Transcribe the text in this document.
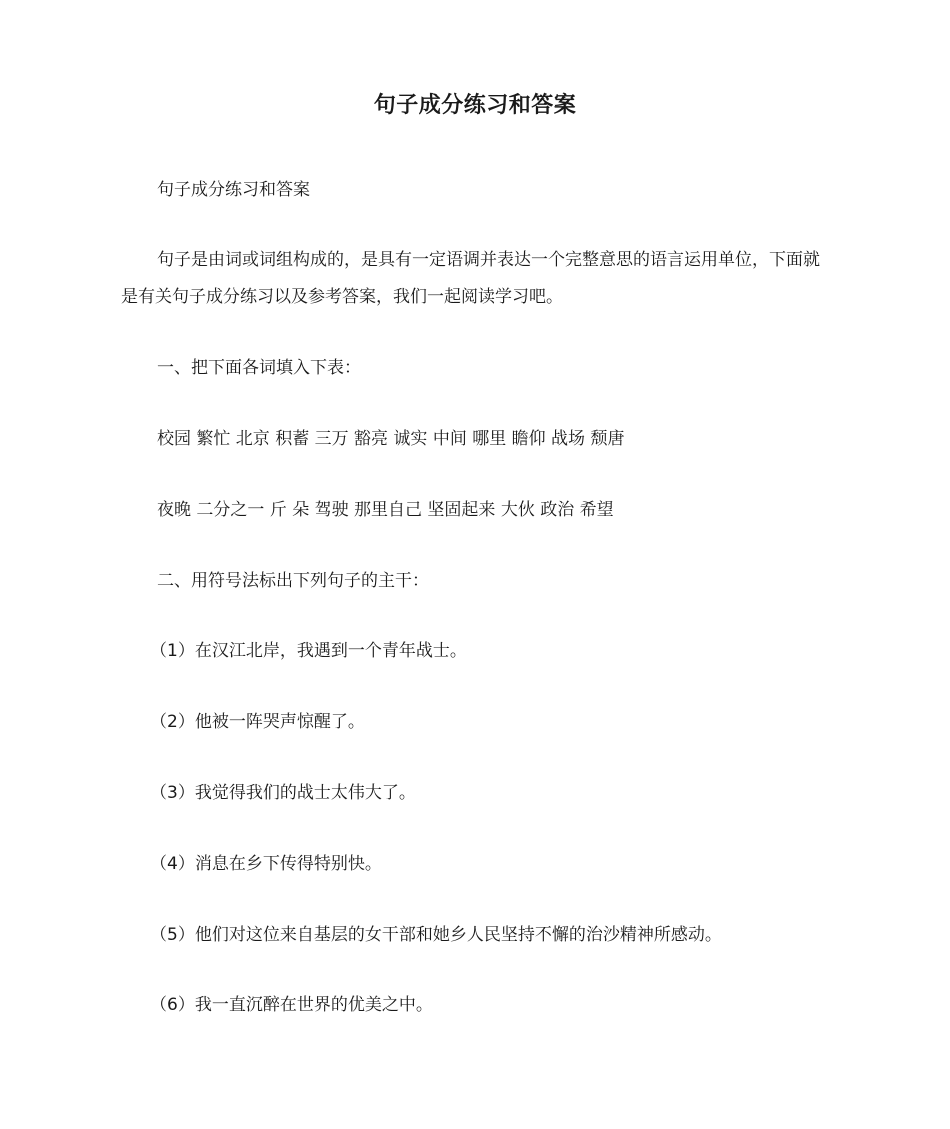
句子成分练习和答案
句子成分练习和答案
句子是由词或词组构成的，是具有一定语调并表达一个完整意思的语言运用单位，下面就是有关句子成分练习以及参考答案，我们一起阅读学习吧。
一、把下面各词填入下表：
校园 繁忙 北京 积蓄 三万 豁亮 诚实 中间 哪里 瞻仰 战场 颓唐
夜晚 二分之一 斤 朵 驾驶 那里自己 坚固起来 大伙 政治 希望
二、用符号法标出下列句子的主干：
（1）在汉江北岸，我遇到一个青年战士。
（2）他被一阵哭声惊醒了。
（3）我觉得我们的战士太伟大了。
（4）消息在乡下传得特别快。
（5）他们对这位来自基层的女干部和她乡人民坚持不懈的治沙精神所感动。
（6）我一直沉醉在世界的优美之中。
